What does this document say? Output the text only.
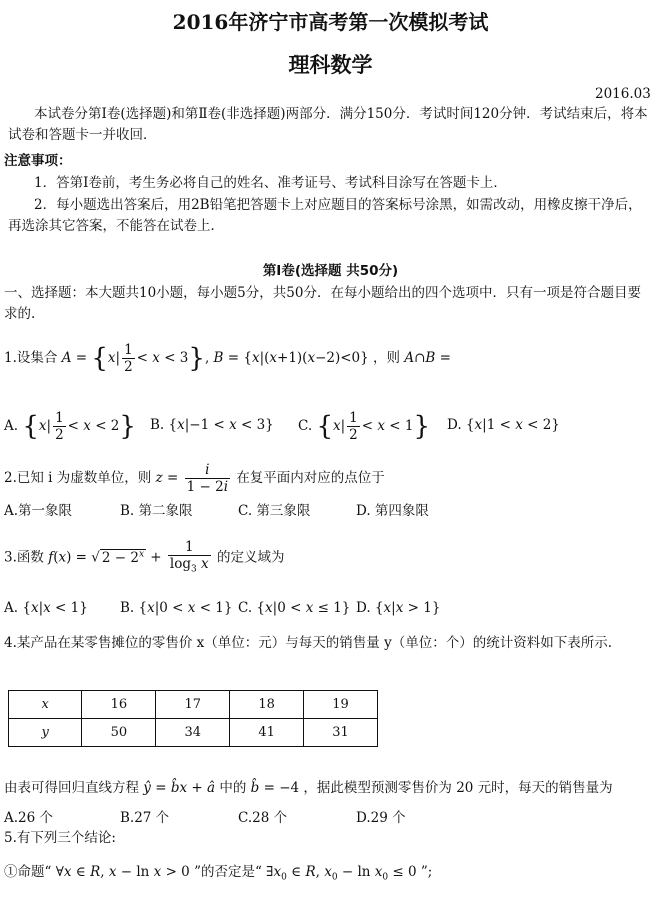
2016年济宁市高考第一次模拟考试
理科数学
2016.03
本试卷分第Ⅰ卷(选择题)和第Ⅱ卷(非选择题)两部分．满分150分．考试时间120分钟．考试结束后，将本试卷和答题卡一并收回．
注意事项：
1．答第Ⅰ卷前，考生务必将自己的姓名、准考证号、考试科目涂写在答题卡上．
2．每小题选出答案后，用2B铅笔把答题卡上对应题目的答案标号涂黑，如需改动，用橡皮擦干净后，再选涂其它答案，不能答在试卷上．
第Ⅰ卷(选择题 共50分)
一、选择题：本大题共10小题，每小题5分，共50分．在每小题给出的四个选项中．只有一项是符合题目要求的.
1.设集合 $A = \{x| \frac{1}{2} < x < 3\}$, B = {x|(x+1)(x−2)<0} ，则 A∩B =
A. $\{x| \frac{1}{2} < x < 2\}$ B. {x|−1 < x < 3} C. $\{x| \frac{1}{2} < x < 1\}$ D. {x|1 < x < 2}
2.已知 i 为虚数单位，则 $z = \frac{i}{1 - 2i}$ 在复平面内对应的点位于
A.第一象限	B. 第二象限	C. 第三象限	D. 第四象限
3.函数 f(x) = √ $2 - 2^x + \frac{1}{\log_3 x}$ 的定义域为
A. {x|x < 1} B. {x|0 < x < 1} C. {x|0 < x ≤ 1} D. {x|x > 1}
4.某产品在某零售摊位的零售价 x（单位：元）与每天的销售量 y（单位：个）的统计资料如下表所示.
x	16	17	18	19
y	50	34	41	31
由表可得回归直线方程 ŷ = b̂x + â 中的 b̂ = −4 ，据此模型预测零售价为 20 元时，每天的销售量为
A.26 个	B.27 个	C.28 个	D.29 个
5.有下列三个结论:
①命题“ ∀x ∈ R, x − ln x > 0 ”的否定是“ $\exists x_0$ ∈ R, $x_0 - \ln x_0 \le 0$ ”;
